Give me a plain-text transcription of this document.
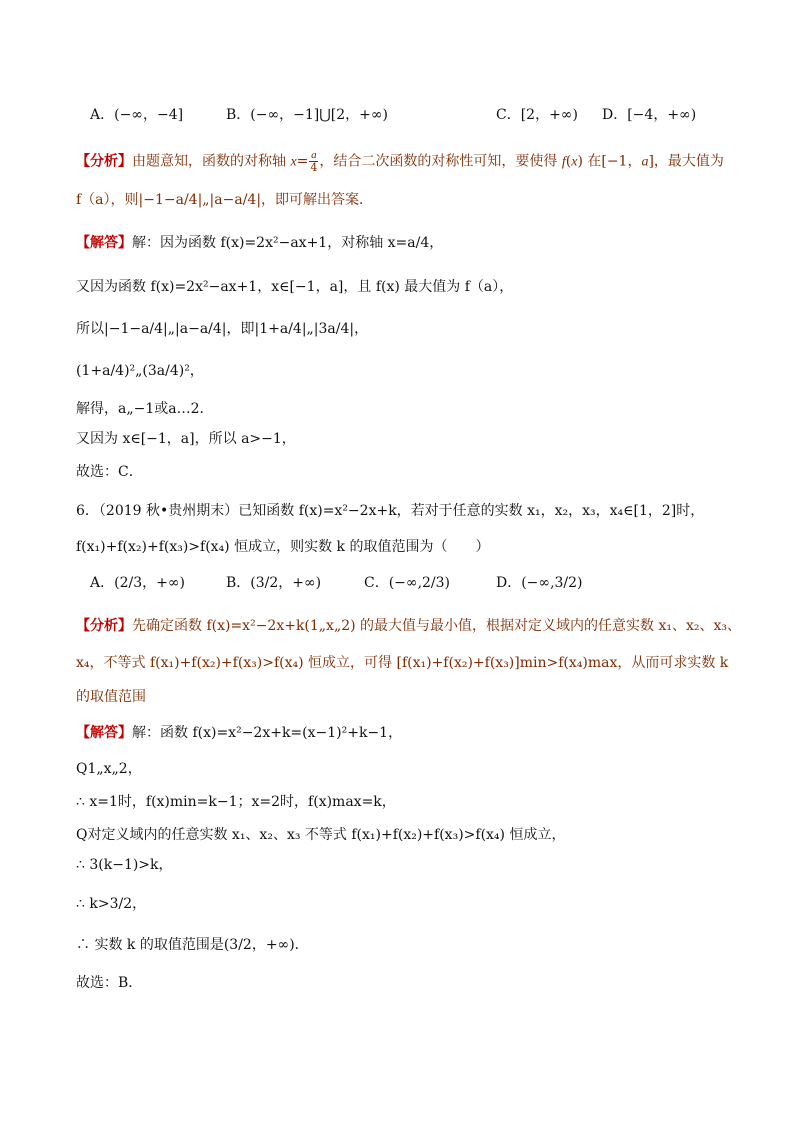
A．(−∞，−4]	B．(−∞，−1]⋃[2，+∞)	C．[2，+∞) D．[−4，+∞)
【分析】由题意知，函数的对称轴 $x= \frac{a}{4}$ ，结合二次函数的对称性可知，要使得 f(x) 在[−1，a]，最大值为
f（a），则|−1−a/4|„|a−a/4|，即可解出答案．
【解答】解：因为函数 f(x)=2x²−ax+1，对称轴 x=a/4，
又因为函数 f(x)=2x²−ax+1，x∈[−1，a]，且 f(x) 最大值为 f（a），
所以|−1−a/4|„|a−a/4|，即|1+a/4|„|3a/4|，
(1+a/4)²„(3a/4)²，
解得，a„−1或a…2．
又因为 x∈[−1，a]，所以 a>−1，
故选：C．
6．（2019 秋•贵州期末）已知函数 f(x)=x²−2x+k，若对于任意的实数 x₁，x₂，x₃，x₄∈[1，2]时，
f(x₁)+f(x₂)+f(x₃)>f(x₄) 恒成立，则实数 k 的取值范围为（　　）
A．(2/3，+∞)	B．(3/2，+∞)	C．(−∞,2/3)	D．(−∞,3/2)
【分析】先确定函数 f(x)=x²−2x+k(1„x„2) 的最大值与最小值，根据对定义域内的任意实数 x₁、x₂、x₃、
x₄，不等式 f(x₁)+f(x₂)+f(x₃)>f(x₄) 恒成立，可得 [f(x₁)+f(x₂)+f(x₃)]min>f(x₄)max，从而可求实数 k
的取值范围
【解答】解：函数 f(x)=x²−2x+k=(x−1)²+k−1，
Q1„x„2，
∴ x=1时，f(x)min=k−1；x=2时，f(x)max=k，
Q对定义域内的任意实数 x₁、x₂、x₃ 不等式 f(x₁)+f(x₂)+f(x₃)>f(x₄) 恒成立，
∴ 3(k−1)>k，
∴ k>3/2，
∴ 实数 k 的取值范围是(3/2，+∞)．
故选：B．
